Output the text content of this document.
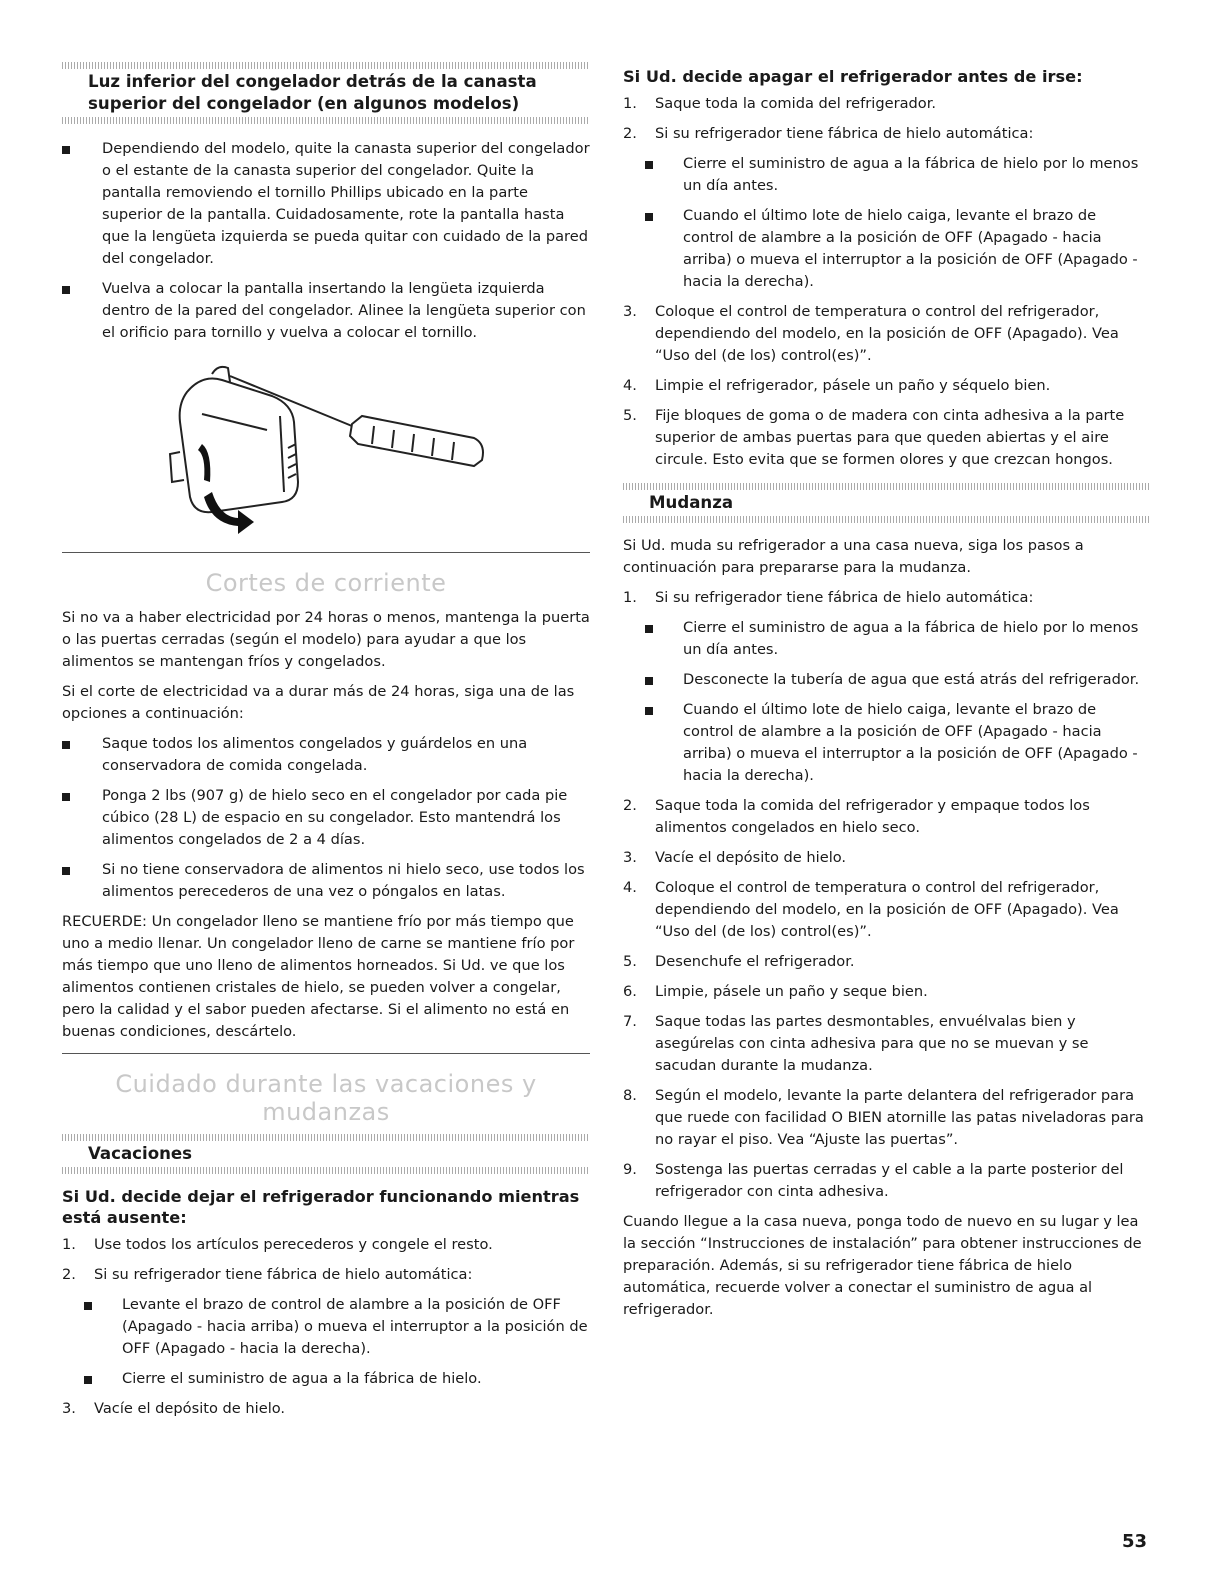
Luz inferior del congelador detrás de la canasta superior del congelador (en algunos modelos)

Dependiendo del modelo, quite la canasta superior del congelador o el estante de la canasta superior del congelador. Quite la pantalla removiendo el tornillo Phillips ubicado en la parte superior de la pantalla. Cuidadosamente, rote la pantalla hasta que la lengüeta izquierda se pueda quitar con cuidado de la pared del congelador.
Vuelva a colocar la pantalla insertando la lengüeta izquierda dentro de la pared del congelador. Alinee la lengüeta superior con el orificio para tornillo y vuelva a colocar el tornillo.
Cortes de corriente

Si no va a haber electricidad por 24 horas o menos, mantenga la puerta o las puertas cerradas (según el modelo) para ayudar a que los alimentos se mantengan fríos y congelados.

Si el corte de electricidad va a durar más de 24 horas, siga una de las opciones a continuación:

Saque todos los alimentos congelados y guárdelos en una conservadora de comida congelada.
Ponga 2 lbs (907 g) de hielo seco en el congelador por cada pie cúbico (28 L) de espacio en su congelador. Esto mantendrá los alimentos congelados de 2 a 4 días.
Si no tiene conservadora de alimentos ni hielo seco, use todos los alimentos perecederos de una vez o póngalos en latas.

RECUERDE: Un congelador lleno se mantiene frío por más tiempo que uno a medio llenar. Un congelador lleno de carne se mantiene frío por más tiempo que uno lleno de alimentos horneados. Si Ud. ve que los alimentos contienen cristales de hielo, se pueden volver a congelar, pero la calidad y el sabor pueden afectarse. Si el alimento no está en buenas condiciones, descártelo.

Cuidado durante las vacaciones y mudanzas

Vacaciones

Si Ud. decide dejar el refrigerador funcionando mientras está ausente:

1. Use todos los artículos perecederos y congele el resto.
2. Si su refrigerador tiene fábrica de hielo automática:
Levante el brazo de control de alambre a la posición de OFF (Apagado - hacia arriba) o mueva el interruptor a la posición de OFF (Apagado - hacia la derecha).
Cierre el suministro de agua a la fábrica de hielo.
3. Vacíe el depósito de hielo.

Si Ud. decide apagar el refrigerador antes de irse:

1. Saque toda la comida del refrigerador.
2. Si su refrigerador tiene fábrica de hielo automática:
Cierre el suministro de agua a la fábrica de hielo por lo menos un día antes.
Cuando el último lote de hielo caiga, levante el brazo de control de alambre a la posición de OFF (Apagado - hacia arriba) o mueva el interruptor a la posición de OFF (Apagado - hacia la derecha).
3. Coloque el control de temperatura o control del refrigerador, dependiendo del modelo, en la posición de OFF (Apagado). Vea “Uso del (de los) control(es)”.
4. Limpie el refrigerador, pásele un paño y séquelo bien.
5. Fije bloques de goma o de madera con cinta adhesiva a la parte superior de ambas puertas para que queden abiertas y el aire circule. Esto evita que se formen olores y que crezcan hongos.

Mudanza

Si Ud. muda su refrigerador a una casa nueva, siga los pasos a continuación para prepararse para la mudanza.

1. Si su refrigerador tiene fábrica de hielo automática:
Cierre el suministro de agua a la fábrica de hielo por lo menos un día antes.
Desconecte la tubería de agua que está atrás del refrigerador.
Cuando el último lote de hielo caiga, levante el brazo de control de alambre a la posición de OFF (Apagado - hacia arriba) o mueva el interruptor a la posición de OFF (Apagado - hacia la derecha).
2. Saque toda la comida del refrigerador y empaque todos los alimentos congelados en hielo seco.
3. Vacíe el depósito de hielo.
4. Coloque el control de temperatura o control del refrigerador, dependiendo del modelo, en la posición de OFF (Apagado). Vea “Uso del (de los) control(es)”.
5. Desenchufe el refrigerador.
6. Limpie, pásele un paño y seque bien.
7. Saque todas las partes desmontables, envuélvalas bien y asegúrelas con cinta adhesiva para que no se muevan y se sacudan durante la mudanza.
8. Según el modelo, levante la parte delantera del refrigerador para que ruede con facilidad O BIEN atornille las patas niveladoras para no rayar el piso. Vea “Ajuste las puertas”.
9. Sostenga las puertas cerradas y el cable a la parte posterior del refrigerador con cinta adhesiva.

Cuando llegue a la casa nueva, ponga todo de nuevo en su lugar y lea la sección “Instrucciones de instalación” para obtener instrucciones de preparación. Además, si su refrigerador tiene fábrica de hielo automática, recuerde volver a conectar el suministro de agua al refrigerador.

53
